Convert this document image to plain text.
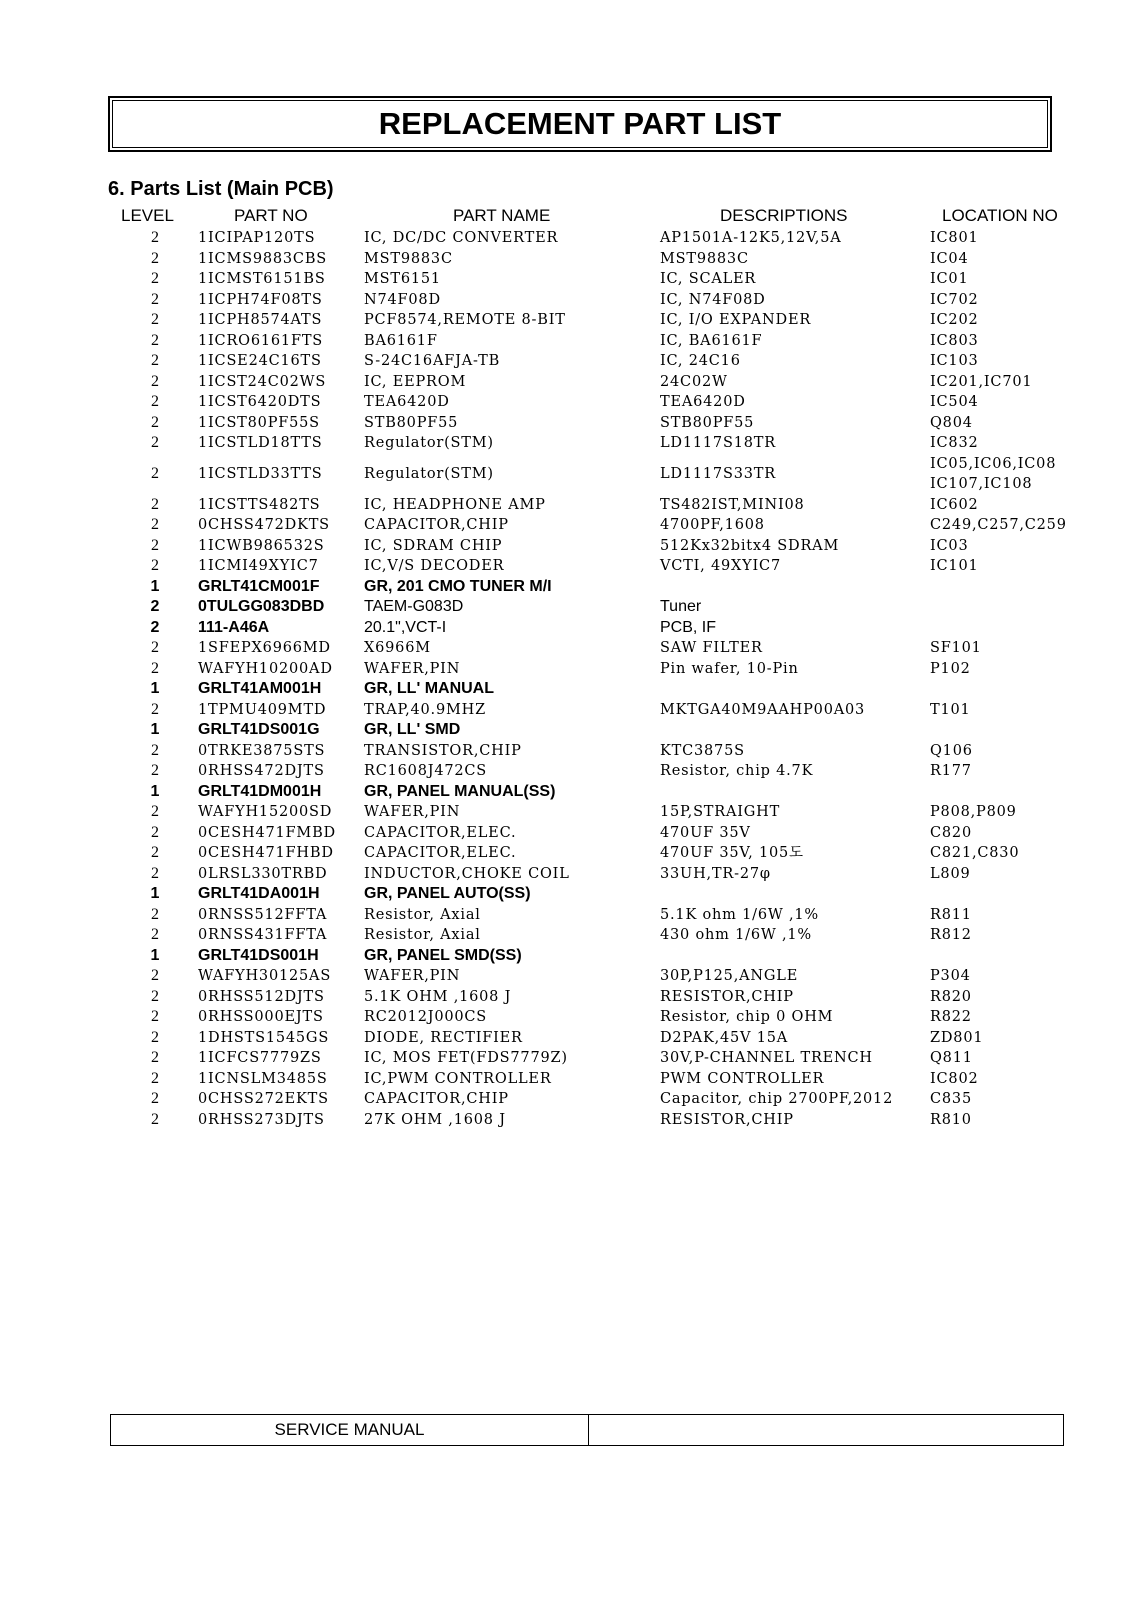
REPLACEMENT PART LIST
6. Parts List (Main PCB)
LEVEL	PART NO	PART NAME	DESCRIPTIONS	LOCATION NO
2	1ICIPAP120TS	IC, DC/DC CONVERTER	AP1501A-12K5,12V,5A	IC801
2	1ICMS9883CBS	MST9883C	MST9883C	IC04
2	1ICMST6151BS	MST6151	IC, SCALER	IC01
2	1ICPH74F08TS	N74F08D	IC, N74F08D	IC702
2	1ICPH8574ATS	PCF8574,REMOTE 8-BIT	IC, I/O EXPANDER	IC202
2	1ICRO6161FTS	BA6161F	IC, BA6161F	IC803
2	1ICSE24C16TS	S-24C16AFJA-TB	IC, 24C16	IC103
2	1ICST24C02WS	IC, EEPROM	24C02W	IC201,IC701
2	1ICST6420DTS	TEA6420D	TEA6420D	IC504
2	1ICST80PF55S	STB80PF55	STB80PF55	Q804
2	1ICSTLD18TTS	Regulator(STM)	LD1117S18TR	IC832
2	1ICSTLD33TTS	Regulator(STM)	LD1117S33TR
IC05,IC06,IC08 IC107,IC108
2	1ICSTTS482TS	IC, HEADPHONE AMP	TS482IST,MINI08	IC602
2	0CHSS472DKTS CAPACITOR,CHIP	4700PF,1608	C249,C257,C259
2	1ICWB986532S	IC, SDRAM CHIP	512Kx32bitx4 SDRAM	IC03
2	1ICMI49XYIC7	IC,V/S DECODER	VCTI, 49XYIC7	IC101
1	GRLT41CM001F	GR, 201 CMO TUNER M/I
2	0TULGG083DBD TAEM-G083D	Tuner
2	111-A46A	20.1",VCT-I	PCB, IF
2	1SFEPX6966MD X6966M	SAW FILTER	SF101
2	WAFYH10200AD WAFER,PIN	Pin wafer, 10-Pin	P102
1	GRLT41AM001H	GR, LL' MANUAL
2	1TPMU409MTD	TRAP,40.9MHZ	MKTGA40M9AAHP00A03	T101
1	GRLT41DS001G	GR, LL' SMD
2	0TRKE3875STS	TRANSISTOR,CHIP	KTC3875S	Q106
2	0RHSS472DJTS	RC1608J472CS	Resistor, chip 4.7K	R177
1	GRLT41DM001H	GR, PANEL MANUAL(SS)
2	WAFYH15200SD WAFER,PIN	15P,STRAIGHT	P808,P809
2	0CESH471FMBD CAPACITOR,ELEC.	470UF 35V	C820
2	0CESH471FHBD CAPACITOR,ELEC.	470UF 35V, 105도	C821,C830
2	0LRSL330TRBD	INDUCTOR,CHOKE COIL	33UH,TR-27φ	L809
1	GRLT41DA001H	GR, PANEL AUTO(SS)
2	0RNSS512FFTA	Resistor, Axial	5.1K ohm 1/6W ,1%	R811
2	0RNSS431FFTA	Resistor, Axial	430 ohm 1/6W ,1%	R812
1	GRLT41DS001H	GR, PANEL SMD(SS)
2	WAFYH30125AS WAFER,PIN	30P,P125,ANGLE	P304
2	0RHSS512DJTS	5.1K OHM ,1608 J	RESISTOR,CHIP	R820
2	0RHSS000EJTS	RC2012J000CS	Resistor, chip 0 OHM	R822
2	1DHSTS1545GS DIODE, RECTIFIER	D2PAK,45V 15A	ZD801
2	1ICFCS7779ZS	IC, MOS FET(FDS7779Z)	30V,P-CHANNEL TRENCH	Q811
2	1ICNSLM3485S	IC,PWM CONTROLLER	PWM CONTROLLER	IC802
2	0CHSS272EKTS CAPACITOR,CHIP	Capacitor, chip 2700PF,2012	C835
2	0RHSS273DJTS	27K OHM ,1608 J	RESISTOR,CHIP	R810
SERVICE MANUAL
